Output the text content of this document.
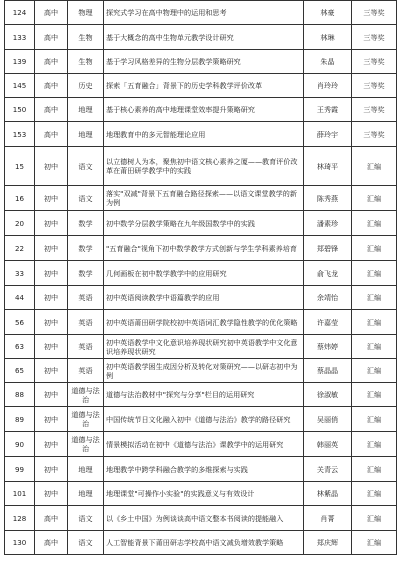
124	高中	物理	探究式学习在高中物理中的运用和思考	林豪	三等奖
133	高中	生物	基于大概念的高中生物单元教学设计研究	林琳	三等奖
139	高中	生物	基于学习风格差异的生物分层教学策略研究	朱晶	三等奖
145	高中	历史	探索「五育融合」背景下的历史学科教学评价改革	肖玲玲	三等奖
150	高中	地理	基于核心素养的高中地理课堂效率提升策略研究	王秀霞	三等奖
153	高中	地理	地理教育中的多元智能理论应用	薛玲宇	三等奖
15	初中	语文	以立德树人为本，聚焦初中语文核心素养之厦——教育评价改革在莆田研学教学中的实践	林琦平	汇编
16	初中	语文	落实"双减"背景下五育融合路径探索——以语文课堂教学的新为例	陈秀燕	汇编
20	初中	数学	初中数学分层教学策略在九年级国数学中的实践	潘素珍	汇编
22	初中	数学	"五育融合"视角下初中数学教学方式创新与学生学科素养培育	郑碧锋	汇编
33	初中	数学	几何画板在初中数学教学中的应用研究	俞飞龙	汇编
44	初中	英语	初中英语阅读教学中语篇教学的应用	余靖怡	汇编
56	初中	英语	初中英语莆田研学院校初中英语词汇教学隐性教学的优化策略	许嘉莹	汇编
63	初中	英语	初中英语教学中文化意识培养现状研究初中英语教学中文化意识培养现状研究	蔡炜婷	汇编
65	初中	英语	初中英语教学困生成因分析及转化对策研究——以研志初中为例	蔡晶晶	汇编
88	初中	道德与法治	道德与法治教材中"探究与分享"栏目的运用研究	徐淑敏	汇编
89	初中	道德与法治	中国传统节日文化融入初中《道德与法治》教学的路径研究	吴丽俏	汇编
90	初中	道德与法治	情景模拟活动在初中《道德与法治》课教学中的运用研究	韩丽英	汇编
99	初中	地理	地理教学中跨学科融合教学的多维探索与实践	关青云	汇编
101	初中	地理	地理课堂"可操作小实验"的实践意义与有效设计	林紫晶	汇编
128	高中	语文	以《乡土中国》为例谈谈高中语文整本书阅读的提能融入	肖菁	汇编
130	高中	语文	人工智能背景下莆田研志学校高中语文减负增效教学策略	郑庆辉	汇编
